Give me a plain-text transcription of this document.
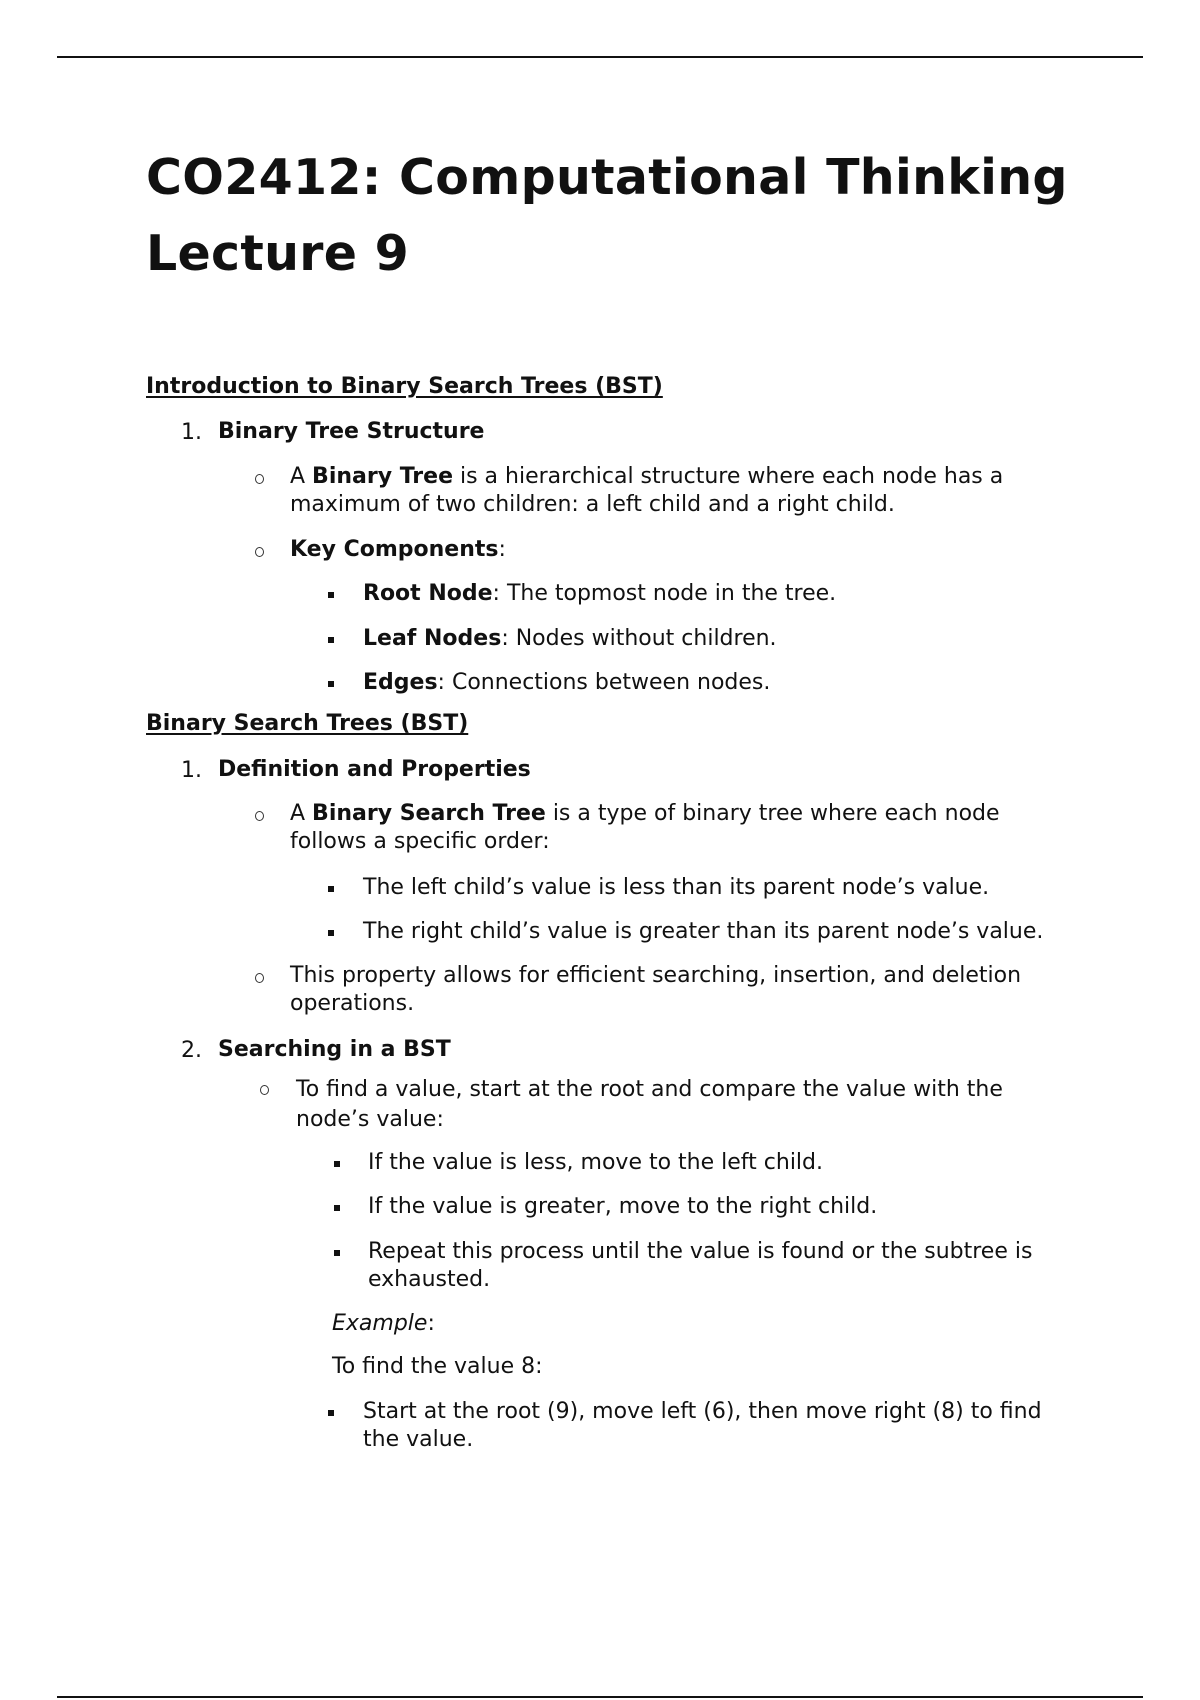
CO2412: Computational Thinking
Lecture 9
Introduction to Binary Search Trees (BST)
1. Binary Tree Structure
A Binary Tree is a hierarchical structure where each node has a
maximum of two children: a left child and a right child.
Key Components:
Root Node: The topmost node in the tree.
Leaf Nodes: Nodes without children.
Edges: Connections between nodes.
Binary Search Trees (BST)
1. Definition and Properties
A Binary Search Tree is a type of binary tree where each node
follows a specific order:
The left child’s value is less than its parent node’s value.
The right child’s value is greater than its parent node’s value.
This property allows for efficient searching, insertion, and deletion
operations.
2. Searching in a BST
To find a value, start at the root and compare the value with the
node’s value:
If the value is less, move to the left child.
If the value is greater, move to the right child.
Repeat this process until the value is found or the subtree is
exhausted.
Example:
To find the value 8:
Start at the root (9), move left (6), then move right (8) to find
the value.
